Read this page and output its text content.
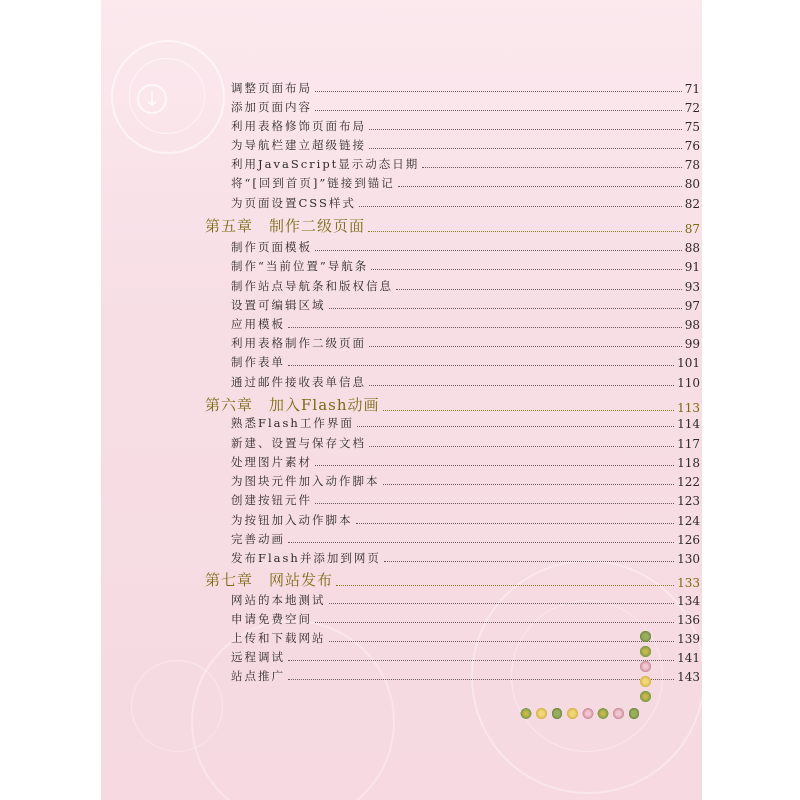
↓	调整页面布局	71
添加页面内容	72
利用表格修饰页面布局	75
为导航栏建立超级链接	76
利用JavaScript显示动态日期	78
将“[回到首页]”链接到锚记	80
为页面设置CSS样式	82
第五章 制作二级页面	87
制作页面模板	88
制作“当前位置”导航条	91
制作站点导航条和版权信息	93
设置可编辑区域	97
应用模板	98
利用表格制作二级页面	99
制作表单	101
通过邮件接收表单信息	110
第六章 加入Flash动画	113
熟悉Flash工作界面	114
新建、设置与保存文档	117
处理图片素材	118
为图块元件加入动作脚本	122
创建按钮元件	123
为按钮加入动作脚本	124
完善动画	126
发布Flash并添加到网页	130
第七章 网站发布	133
网站的本地测试	134
申请免费空间	136
上传和下载网站	139
远程调试	141
站点推广	143
